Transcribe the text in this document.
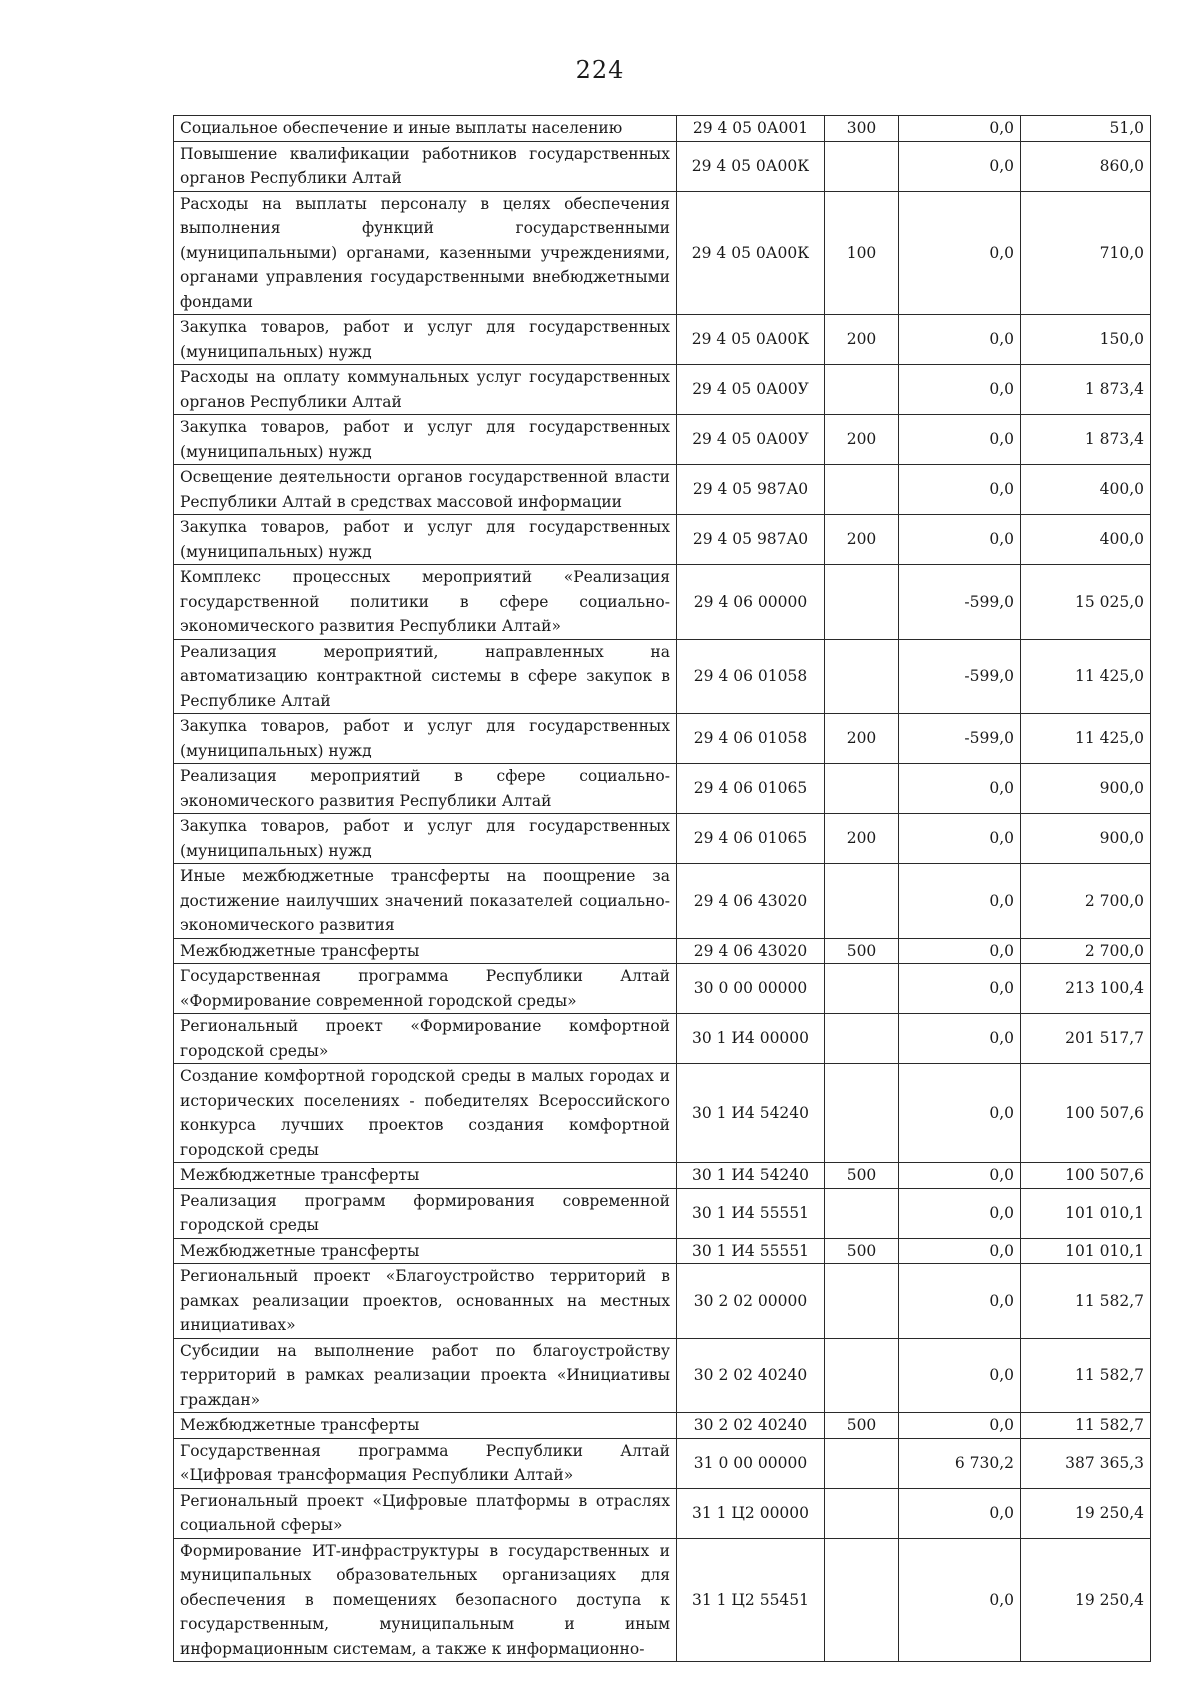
224
Социальное обеспечение и иные выплаты населению	29 4 05 0А001	300	0,0	51,0
Повышение квалификации работников государственных органов Республики Алтай	29 4 05 0А00К		0,0	860,0
Расходы на выплаты персоналу в целях обеспечения выполнения функций государственными (муниципальными) органами, казенными учреждениями, органами управления государственными внебюджетными фондами	29 4 05 0А00К	100	0,0	710,0
Закупка товаров, работ и услуг для государственных (муниципальных) нужд	29 4 05 0А00К	200	0,0	150,0
Расходы на оплату коммунальных услуг государственных органов Республики Алтай	29 4 05 0А00У		0,0	1 873,4
Закупка товаров, работ и услуг для государственных (муниципальных) нужд	29 4 05 0А00У	200	0,0	1 873,4
Освещение деятельности органов государственной власти Республики Алтай в средствах массовой информации	29 4 05 987А0		0,0	400,0
Закупка товаров, работ и услуг для государственных (муниципальных) нужд	29 4 05 987А0	200	0,0	400,0
Комплекс процессных мероприятий «Реализация государственной политики в сфере социально-экономического развития Республики Алтай»	29 4 06 00000		-599,0	15 025,0
Реализация мероприятий, направленных на автоматизацию контрактной системы в сфере закупок в Республике Алтай	29 4 06 01058		-599,0	11 425,0
Закупка товаров, работ и услуг для государственных (муниципальных) нужд	29 4 06 01058	200	-599,0	11 425,0
Реализация мероприятий в сфере социально-экономического развития Республики Алтай	29 4 06 01065		0,0	900,0
Закупка товаров, работ и услуг для государственных (муниципальных) нужд	29 4 06 01065	200	0,0	900,0
Иные межбюджетные трансферты на поощрение за достижение наилучших значений показателей социально-экономического развития	29 4 06 43020		0,0	2 700,0
Межбюджетные трансферты	29 4 06 43020	500	0,0	2 700,0
Государственная программа Республики Алтай «Формирование современной городской среды»	30 0 00 00000		0,0	213 100,4
Региональный проект «Формирование комфортной городской среды»	30 1 И4 00000		0,0	201 517,7
Создание комфортной городской среды в малых городах и исторических поселениях - победителях Всероссийского конкурса лучших проектов создания комфортной городской среды	30 1 И4 54240		0,0	100 507,6
Межбюджетные трансферты	30 1 И4 54240	500	0,0	100 507,6
Реализация программ формирования современной городской среды	30 1 И4 55551		0,0	101 010,1
Межбюджетные трансферты	30 1 И4 55551	500	0,0	101 010,1
Региональный проект «Благоустройство территорий в рамках реализации проектов, основанных на местных инициативах»	30 2 02 00000		0,0	11 582,7
Субсидии на выполнение работ по благоустройству территорий в рамках реализации проекта «Инициативы граждан»	30 2 02 40240		0,0	11 582,7
Межбюджетные трансферты	30 2 02 40240	500	0,0	11 582,7
Государственная программа Республики Алтай «Цифровая трансформация Республики Алтай»	31 0 00 00000		6 730,2	387 365,3
Региональный проект «Цифровые платформы в отраслях социальной сферы»	31 1 Ц2 00000		0,0	19 250,4
Формирование ИТ-инфраструктуры в государственных и муниципальных образовательных организациях для обеспечения в помещениях безопасного доступа к государственным, муниципальным и иным информационным системам, а также к информационно-	31 1 Ц2 55451		0,0	19 250,4
